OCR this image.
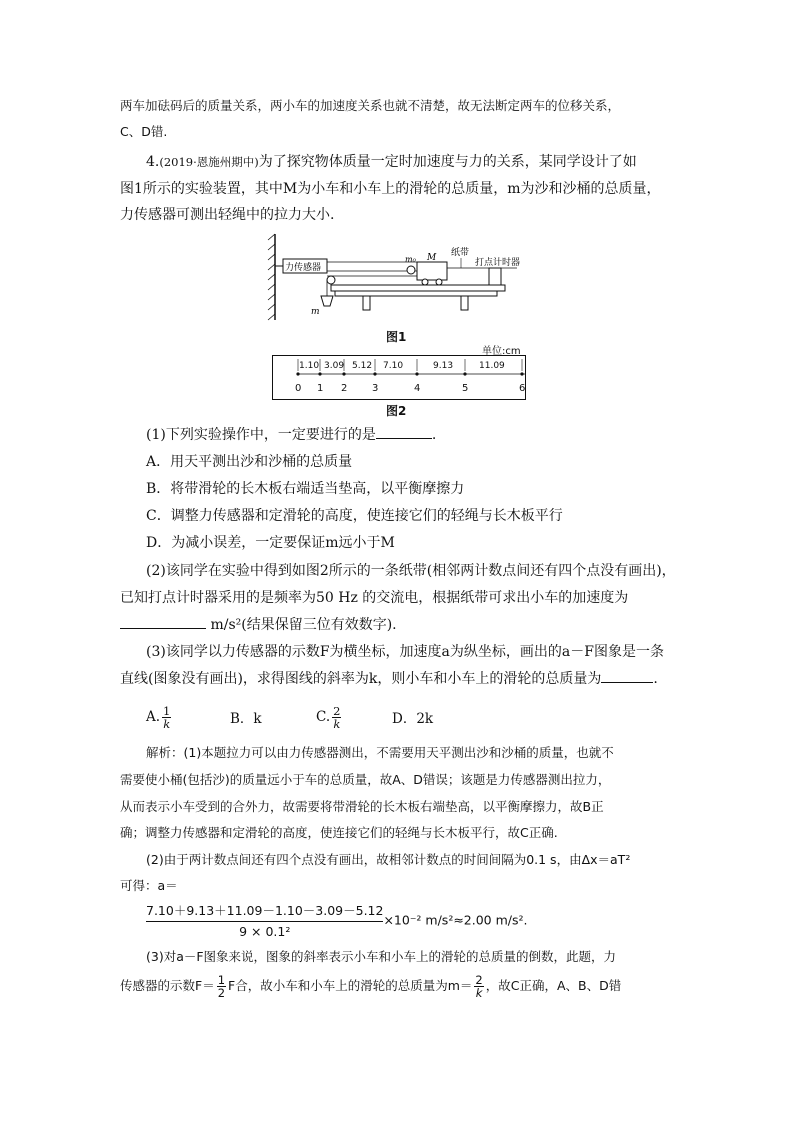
两车加砝码后的质量关系，两小车的加速度关系也就不清楚，故无法断定两车的位移关系，
C、D错.
4.(2019·恩施州期中)为了探究物体质量一定时加速度与力的关系，某同学设计了如
图1所示的实验装置，其中M为小车和小车上的滑轮的总质量，m为沙和沙桶的总质量，
力传感器可测出轻绳中的拉力大小.
力传感器
m
m₀ M 纸带
打点计时器
图1
单位:cm
1.10 3.09 5.12 7.10	9.13	11.09
0 1 2 3	4	5	6
图2
(1)下列实验操作中，一定要进行的是	.
A．用天平测出沙和沙桶的总质量
B．将带滑轮的长木板右端适当垫高，以平衡摩擦力
C．调整力传感器和定滑轮的高度，使连接它们的轻绳与长木板平行
D．为减小误差，一定要保证m远小于M
(2)该同学在实验中得到如图2所示的一条纸带(相邻两计数点间还有四个点没有画出)，
已知打点计时器采用的是频率为50 Hz 的交流电，根据纸带可求出小车的加速度为
m/s²(结果保留三位有效数字).
(3)该同学以力传感器的示数F为横坐标，加速度a为纵坐标，画出的a－F图象是一条
直线(图象没有画出)，求得图线的斜率为k，则小车和小车上的滑轮的总质量为	.
A. $\frac{1}{k}$	B．k	C. $\frac{2}{k}$	D．2k
解析：(1)本题拉力可以由力传感器测出，不需要用天平测出沙和沙桶的质量，也就不
需要使小桶(包括沙)的质量远小于车的总质量，故A、D错误；该题是力传感器测出拉力，
从而表示小车受到的合外力，故需要将带滑轮的长木板右端垫高，以平衡摩擦力，故B正
确；调整力传感器和定滑轮的高度，使连接它们的轻绳与长木板平行，故C正确.
(2)由于两计数点间还有四个点没有画出，故相邻计数点的时间间隔为0.1 s，由Δx＝aT²
可得：a＝
$\frac{7.10+9.13+11.09-1.10-3.09-5.12}{\text{9 × 0.1²}} \times 10^{-2}$ m/s²≈2.00 m/s².
(3)对a－F图象来说，图象的斜率表示小车和小车上的滑轮的总质量的倒数，此题，力
传感器的示数$F= \frac{1}{2}$ F合，故小车和小车上的滑轮的总质量为$m= \frac{2}{k}$ ，故C正确，A、B、D错
